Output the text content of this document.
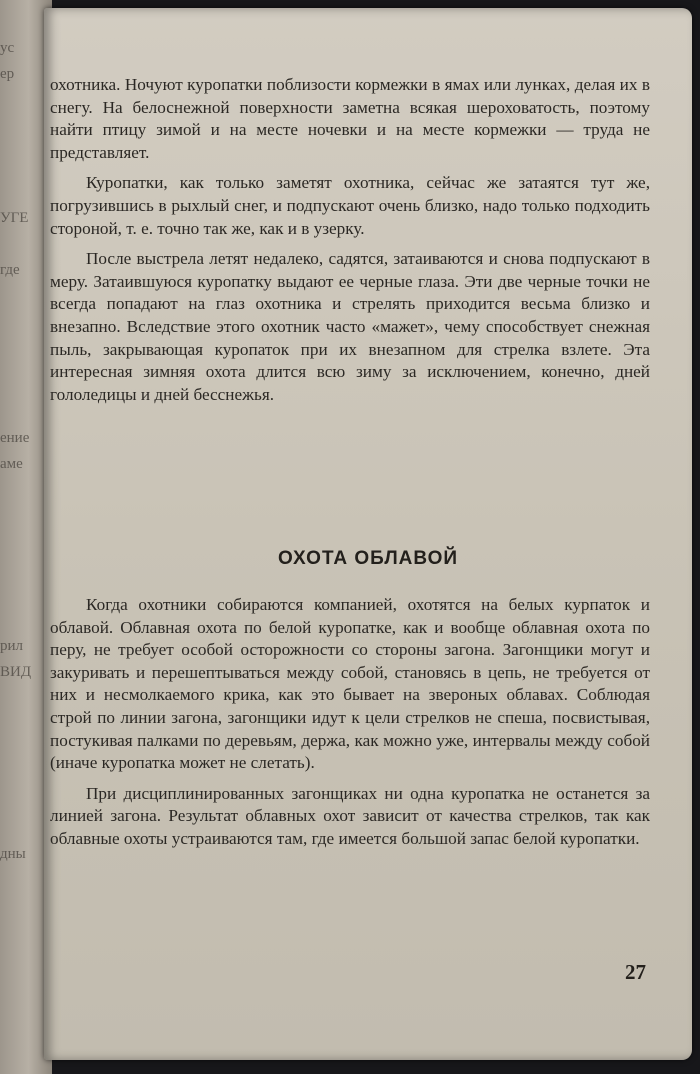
ус
ер
УГЕ
где
ение
аме
рил
ВИД
дны

охотника. Ночуют куропатки поблизости кормежки в ямах или лунках, делая их в снегу. На белоснежной поверхности заметна всякая шероховатость, поэтому найти птицу зимой и на месте ночевки и на месте кормежки — труда не представляет.

Куропатки, как только заметят охотника, сейчас же затаятся тут же, погрузившись в рыхлый снег, и подпускают очень близко, надо только подходить стороной, т. е. точно так же, как и в узерку.

После выстрела летят недалеко, садятся, затаиваются и снова подпускают в меру. Затаившуюся куропатку выдают ее черные глаза. Эти две черные точки не всегда попадают на глаз охотника и стрелять приходится весьма близко и внезапно. Вследствие этого охотник часто «мажет», чему способствует снежная пыль, закрывающая куропаток при их внезапном для стрелка взлете. Эта интересная зимняя охота длится всю зиму за исключением, конечно, дней гололедицы и дней бесснежья.

ОХОТА ОБЛАВОЙ

Когда охотники собираются компанией, охотятся на белых курпаток и облавой. Облавная охота по белой куропатке, как и вообще облавная охота по перу, не требует особой осторожности со стороны загона. Загонщики могут и закуривать и перешептываться между собой, становясь в цепь, не требуется от них и несмолкаемого крика, как это бывает на звероных облавах. Соблюдая строй по линии загона, загонщики идут к цели стрелков не спеша, посвистывая, постукивая палками по деревьям, держа, как можно уже, интервалы между собой (иначе куропатка может не слетать).

При дисциплинированных загонщиках ни одна куропатка не останется за линией загона. Результат облавных охот зависит от качества стрелков, так как облавные охоты устраиваются там, где имеется большой запас белой куропатки.

27
